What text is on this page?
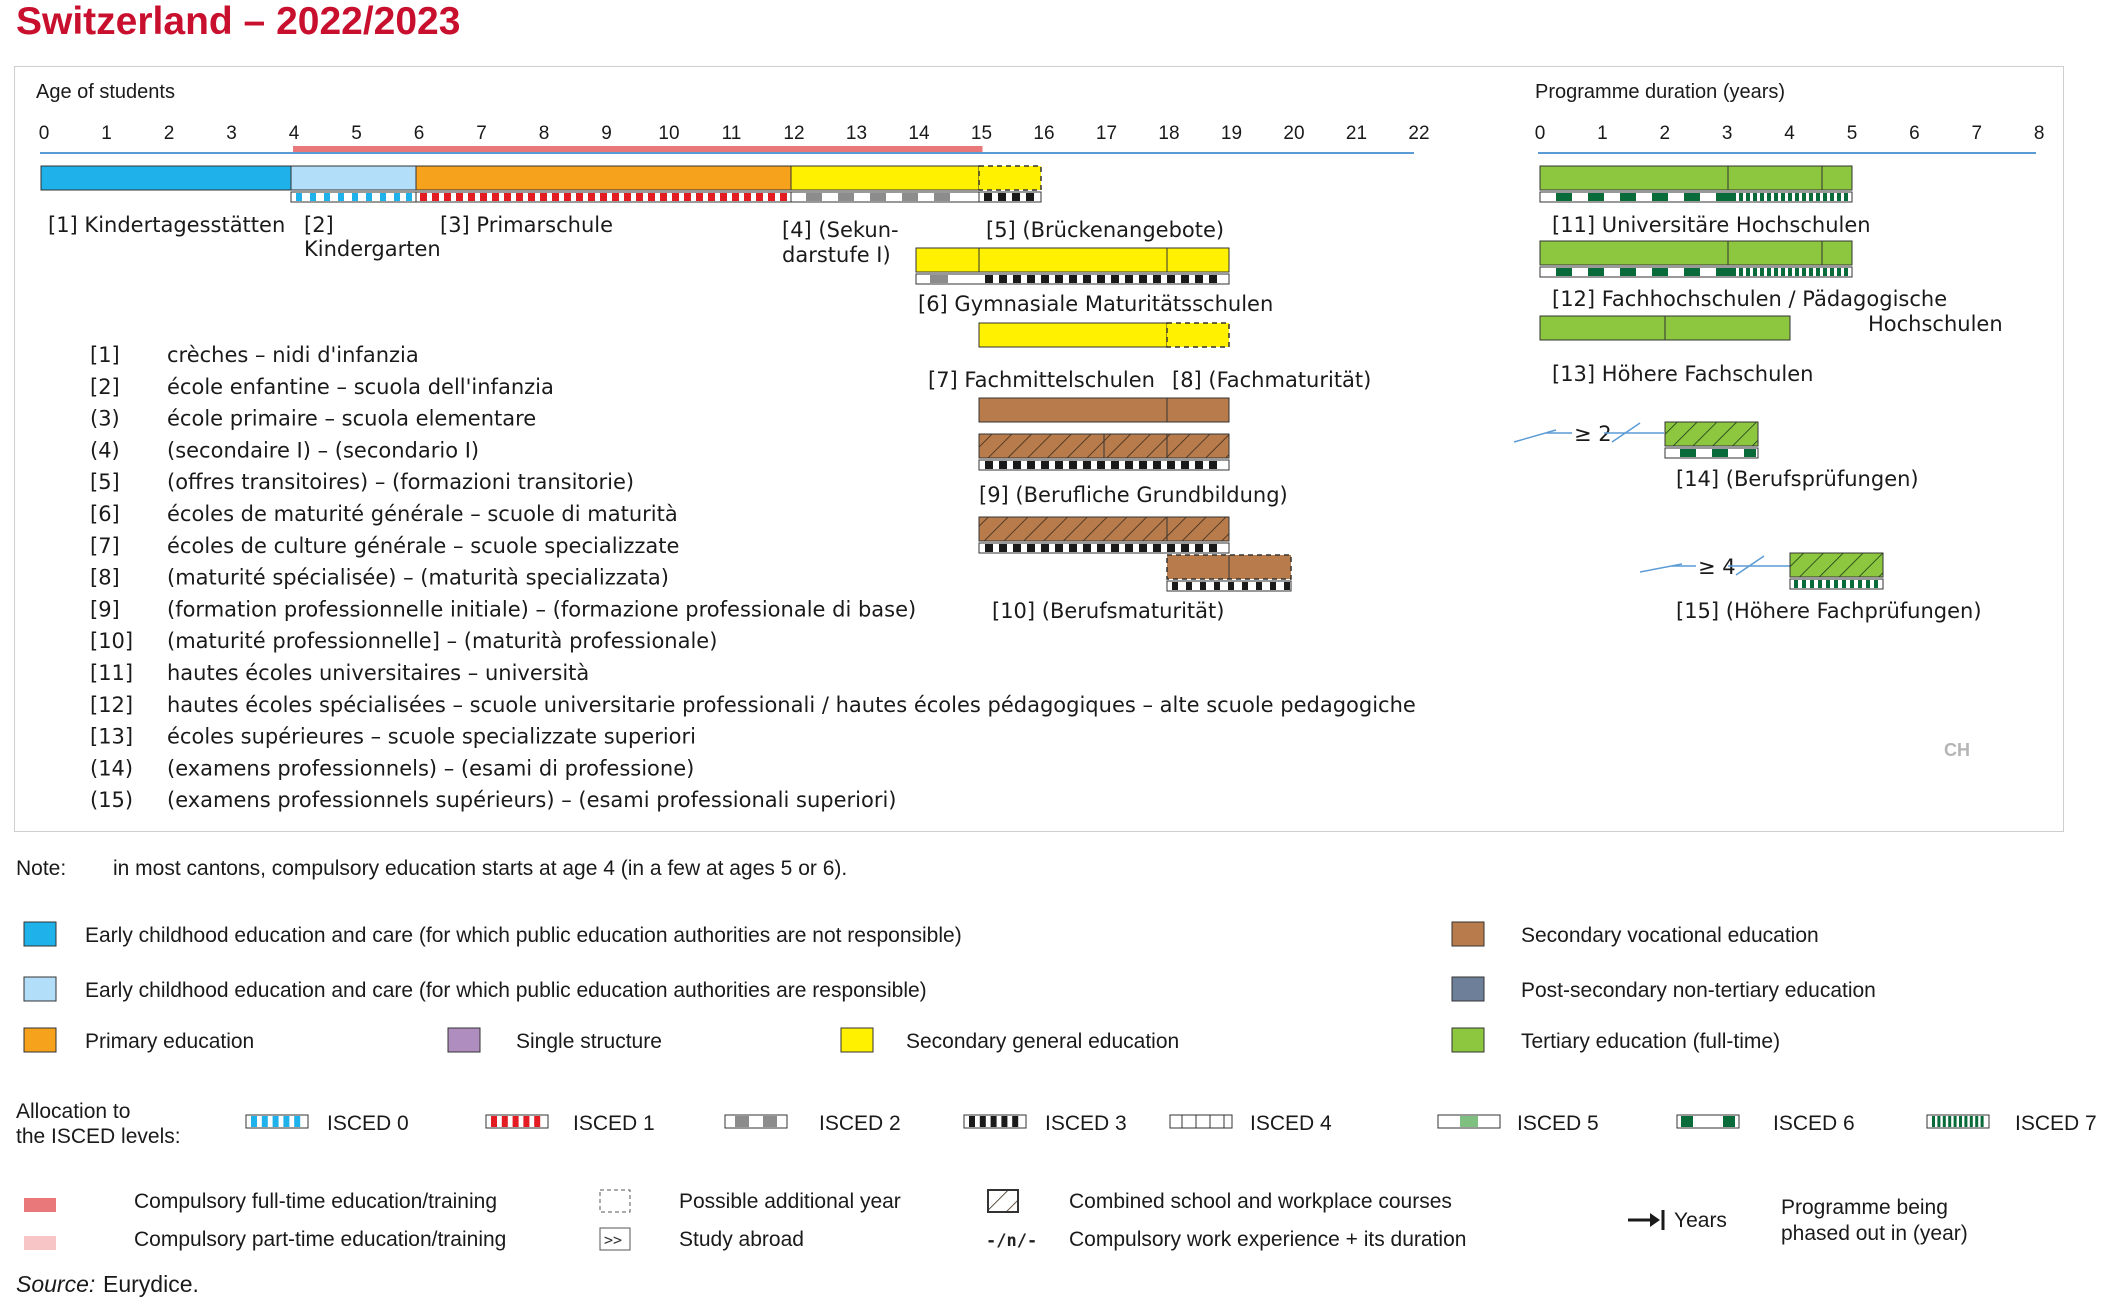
Switzerland – 2022/2023
Age of students
0	1	2	3	4	5	6	7	8	9 10 11 12 13 14 15 16 17 18 19 20 21 22
Programme duration (years)
0	1	2	3	4	5	6	7	8
≥ 2
≥ 4
[1] Kindertagesstätten [2]
Kindergarten
[3] Primarschule	[4] (Sekun-
darstufe I)
[5] (Brückenangebote)
[6] Gymnasiale Maturitätsschulen
[7] Fachmittelschulen [8] (Fachmaturität)
[9] (Berufliche Grundbildung)
[10] (Berufsmaturität)
[11] Universitäre Hochschulen
[12] Fachhochschulen / Pädagogische
Hochschulen
[13] Höhere Fachschulen
[14] (Berufsprüfungen)
[15] (Höhere Fachprüfungen)
[1] crèches – nidi d'infanzia
[2] école enfantine – scuola dell'infanzia
(3) école primaire – scuola elementare
(4) (secondaire I) – (secondario I)
[5] (offres transitoires) – (formazioni transitorie)
[6] écoles de maturité générale – scuole di maturità
[7] écoles de culture générale – scuole specializzate
[8] (maturité spécialisée) – (maturità specializzata)
[9] (formation professionnelle initiale) – (formazione professionale di base)
[10] (maturité professionnelle] – (maturità professionale)
[11] hautes écoles universitaires – università
[12] hautes écoles spécialisées – scuole universitarie professionali / hautes écoles pédagogiques – alte scuole pedagogiche
[13] écoles supérieures – scuole specializzate superiori
(14) (examens professionnels) – (esami di professione)
(15) (examens professionnels supérieurs) – (esami professionali superiori)
CH
Note: in most cantons, compulsory education starts at age 4 (in a few at ages 5 or 6).
Early childhood education and care (for which public education authorities are not responsible)
Early childhood education and care (for which public education authorities are responsible)
Primary education	Single structure	Secondary general education
Secondary vocational education
Post-secondary non-tertiary education
Tertiary education (full-time)
Allocation to
the ISCED levels:
ISCED 0	ISCED 1	ISCED 2	ISCED 3	ISCED 4	ISCED 5	ISCED 6	ISCED 7
Compulsory full-time education/training
Compulsory part-time education/training
Possible additional year
>>	Study abroad
Combined school and workplace courses
-/n/- Compulsory work experience + its duration
Years
Programme being
phased out in (year)
Source: Eurydice.
